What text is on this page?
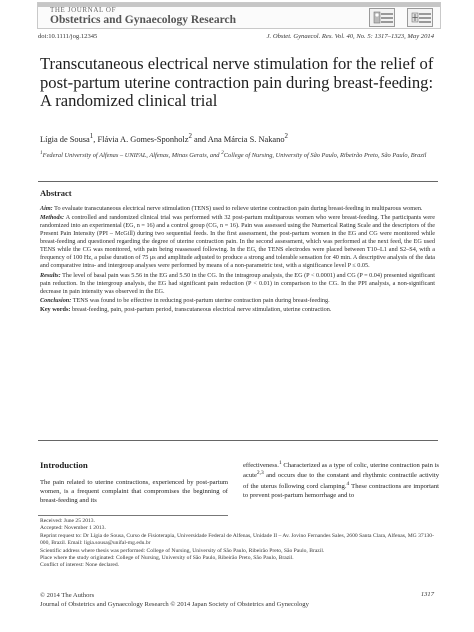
THE JOURNAL OF
Obstetrics and Gynaecology Research
doi:10.1111/jog.12345	J. Obstet. Gynaecol. Res. Vol. 40, No. 5: 1317–1323, May 2014
Transcutaneous electrical nerve stimulation for the relief of post-partum uterine contraction pain during breast-feeding: A randomized clinical trial
Lígia de Sousa$^1$, Flávia A. Gomes-Sponholz$^2$ and Ana Márcia S. Nakano$^2$
$^1$Federal University of Alfenas – UNIFAL, Alfenas, Minas Gerais, and $^2$College of Nursing, University of São Paulo, Ribeirão Preto, São Paulo, Brazil
Abstract

Aim: To evaluate transcutaneous electrical nerve stimulation (TENS) used to relieve uterine contraction pain during breast-feeding in multiparous women.

Methods: A controlled and randomized clinical trial was performed with 32 post-partum multiparous women who were breast-feeding. The participants were randomized into an experimental (EG, n = 16) and a control group (CG, n = 16). Pain was assessed using the Numerical Rating Scale and the descriptors of the Present Pain Intensity (PPI – McGill) during two sequential feeds. In the first assessment, the post-partum women in the EG and CG were monitored while breast-feeding and questioned regarding the degree of uterine contraction pain. In the second assessment, which was performed at the next feed, the EG used TENS while the CG was monitored, with pain being reassessed following. In the EG, the TENS electrodes were placed between T10–L1 and S2–S4, with a frequency of 100 Hz, a pulse duration of 75 μs and amplitude adjusted to produce a strong and tolerable sensation for 40 min. A descriptive analysis of the data and comparative intra- and intergroup analyses were performed by means of a non-parametric test, with a significance level P ≤ 0.05.

Results: The level of basal pain was 5.56 in the EG and 5.50 in the CG. In the intragroup analysis, the EG (P < 0.0001) and CG (P = 0.04) presented significant pain reduction. In the intergroup analysis, the EG had significant pain reduction (P < 0.01) in comparison to the CG. In the PPI analysis, a non-significant decrease in pain intensity was observed in the EG.

Conclusion: TENS was found to be effective in reducing post-partum uterine contraction pain during breast-feeding.

Key words: breast-feeding, pain, post-partum period, transcutaneous electrical nerve stimulation, uterine contraction.

Introduction

The pain related to uterine contractions, experienced by post-partum women, is a frequent complaint that compromises the beginning of breast-feeding and its

effectiveness.$^1$ Characterized as a type of colic, uterine contraction pain is acute$^{2,3}$ and occurs due to the constant and rhythmic contractile activity of the uterus following cord clamping.$^4$ These contractions are important to prevent post-partum hemorrhage and to

Received: June 25 2013.
Accepted: November 1 2013.
Reprint request to: Dr Lígia de Sousa, Curso de Fisioterapia, Universidade Federal de Alfenas, Unidade II – Av. Jovino Fernandes Sales, 2600 Santa Clara, Alfenas, MG 37130-000, Brazil. Email: ligia.sousa@unifal-mg.edu.br
Scientific address where thesis was performed: College of Nursing, University of São Paulo, Ribeirão Preto, São Paulo, Brazil.
Place where the study originated: College of Nursing, University of São Paulo, Ribeirão Preto, São Paulo, Brazil.
Conflict of interest: None declared.
© 2014 The Authors
Journal of Obstetrics and Gynaecology Research © 2014 Japan Society of Obstetrics and Gynecology
1317
